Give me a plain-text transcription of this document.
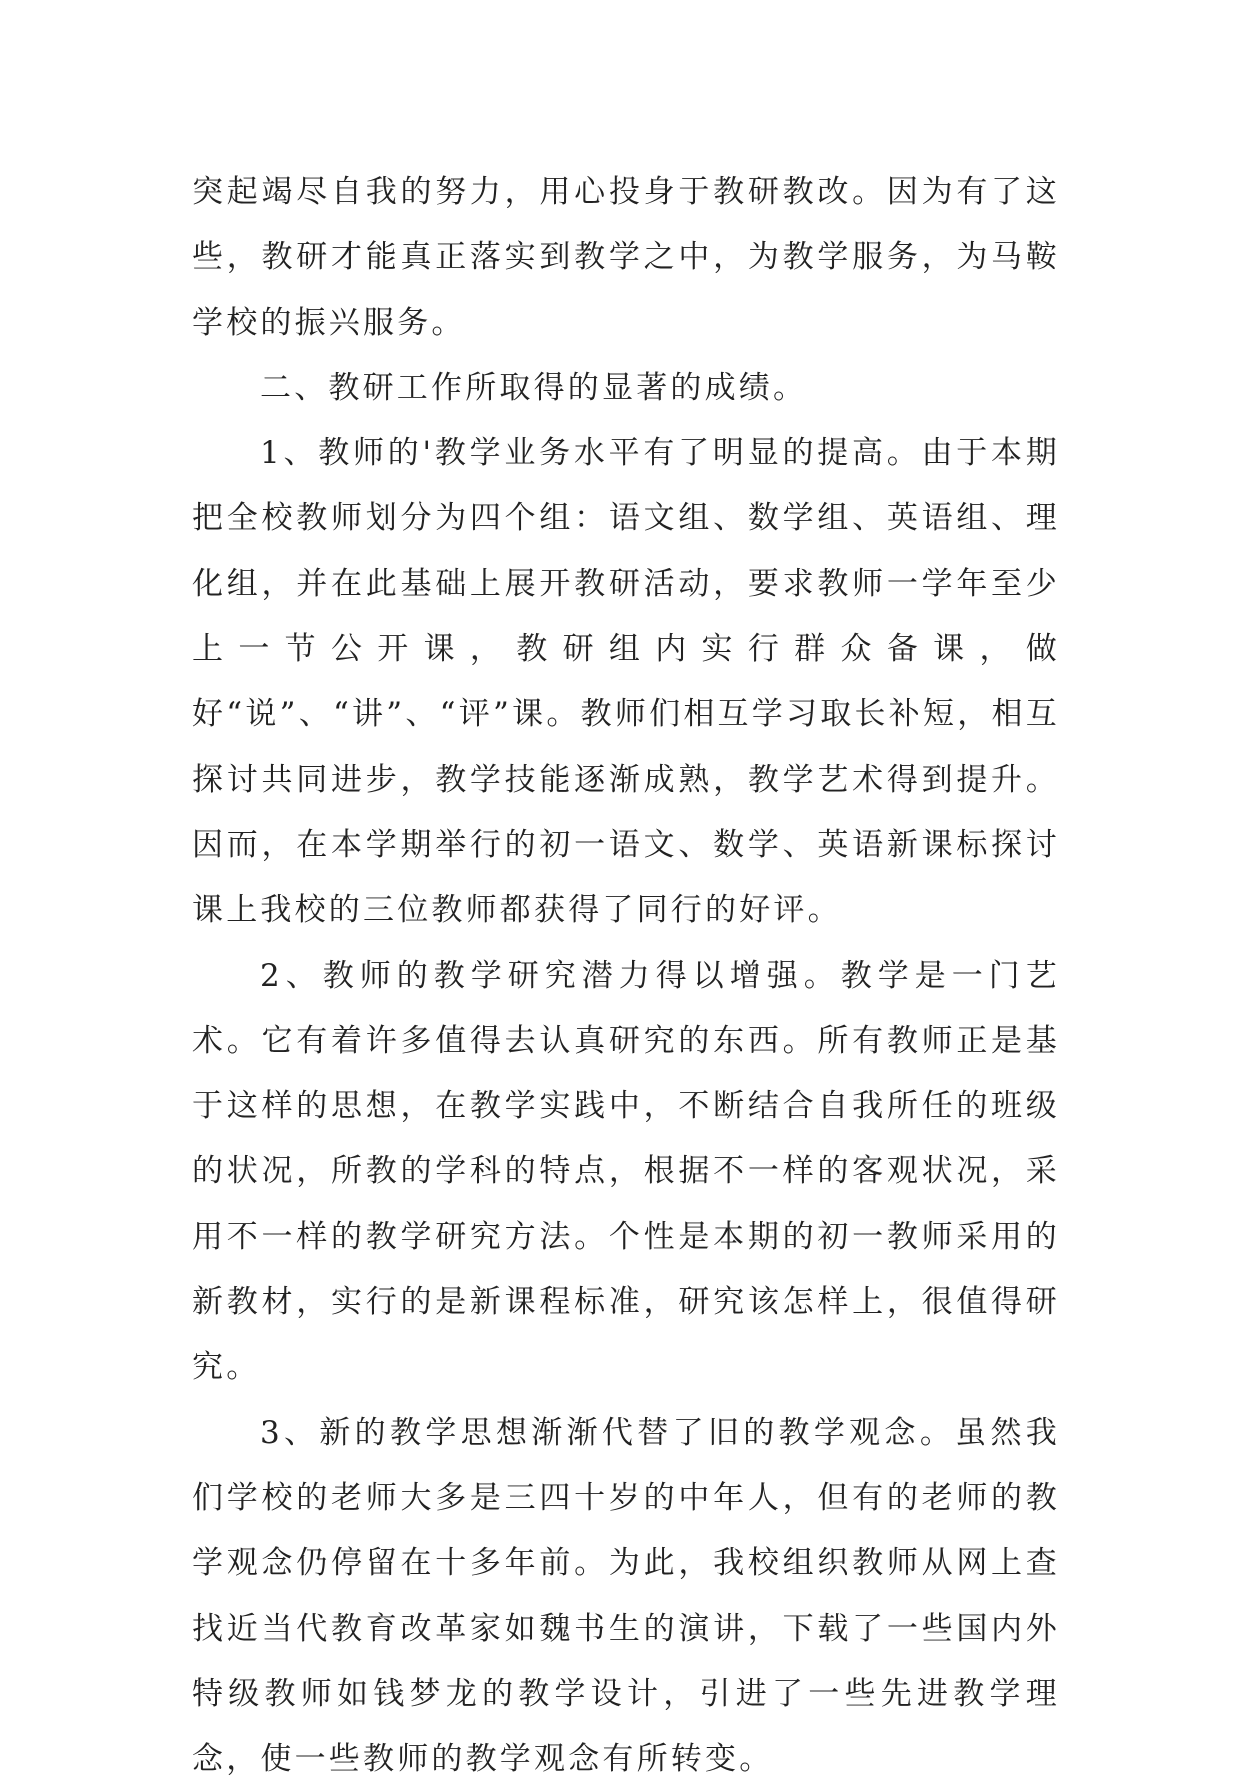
突起竭尽自我的努力，用心投身于教研教改。因为有了这些，教研才能真正落实到教学之中，为教学服务，为马鞍学校的振兴服务。

二、教研工作所取得的显著的成绩。

1、教师的'教学业务水平有了明显的提高。由于本期把全校教师划分为四个组：语文组、数学组、英语组、理化组，并在此基础上展开教研活动，要求教师一学年至少上一节公开课，教研组内实行群众备课，做好“说”、“讲”、“评”课。教师们相互学习取长补短，相互探讨共同进步，教学技能逐渐成熟，教学艺术得到提升。因而，在本学期举行的初一语文、数学、英语新课标探讨课上我校的三位教师都获得了同行的好评。

2、教师的教学研究潜力得以增强。教学是一门艺术。它有着许多值得去认真研究的东西。所有教师正是基于这样的思想，在教学实践中，不断结合自我所任的班级的状况，所教的学科的特点，根据不一样的客观状况，采用不一样的教学研究方法。个性是本期的初一教师采用的新教材，实行的是新课程标准，研究该怎样上，很值得研究。

3、新的教学思想渐渐代替了旧的教学观念。虽然我们学校的老师大多是三四十岁的中年人，但有的老师的教学观念仍停留在十多年前。为此，我校组织教师从网上查找近当代教育改革家如魏书生的演讲，下载了一些国内外特级教师如钱梦龙的教学设计，引进了一些先进教学理念，使一些教师的教学观念有所转变。
